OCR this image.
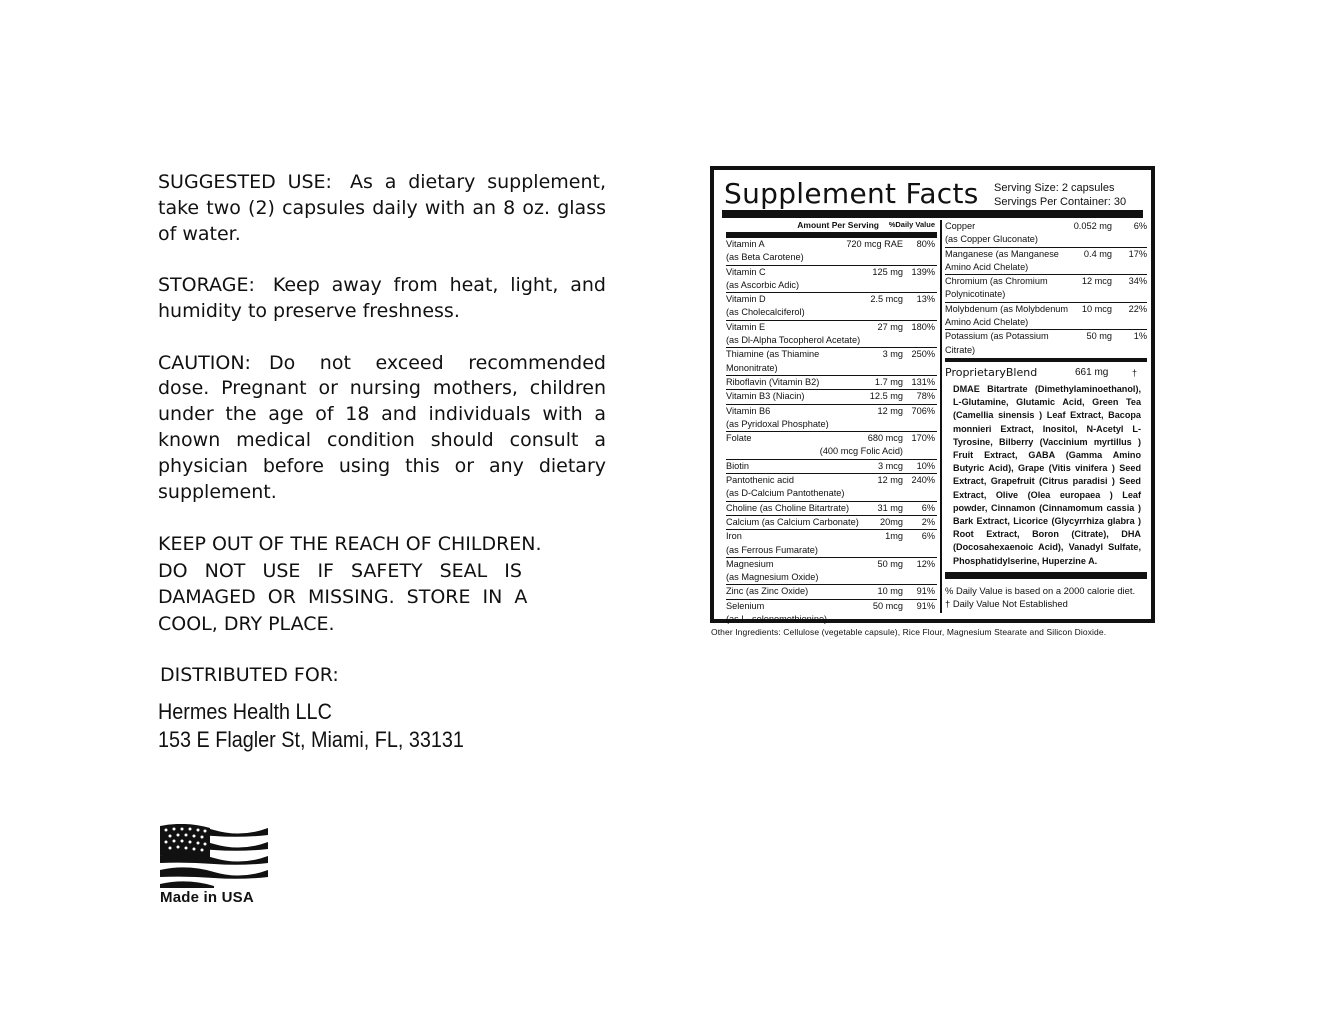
SUGGESTED USE: As a dietary supplement, take two (2) capsules daily with an 8 oz. glass of water.

STORAGE: Keep away from heat, light, and humidity to preserve freshness.

CAUTION: Do not exceed recommended dose. Pregnant or nursing mothers, children under the age of 18 and individuals with a known medical condition should consult a physician before using this or any dietary supplement.

KEEP OUT OF THE REACH OF CHILDREN.
DO NOT USE IF SAFETY SEAL IS
DAMAGED OR MISSING. STORE IN A
COOL, DRY PLACE.
DISTRIBUTED FOR:
Hermes Health LLC
153 E Flagler St, Miami, FL, 33131
Made in USA
Supplement Facts Serving Size: 2 capsules
Servings Per Container: 30
Amount Per Serving %Daily Value
Vitamin A	720 mcg RAE 80%
(as Beta Carotene)
Vitamin C	125 mg 139%
(as Ascorbic Adic)
Vitamin D	2.5 mcg 13%
(as Cholecalciferol)
Vitamin E	27 mg 180%
(as Dl-Alpha Tocopherol Acetate)
Thiamine (as Thiamine	3 mg 250%
Mononitrate)
Riboflavin (Vitamin B2)	1.7 mg 131%
Vitamin B3 (Niacin)	12.5 mg 78%
Vitamin B6	12 mg 706%
(as Pyridoxal Phosphate)
Folate	680 mcg 170%
(400 mcg Folic Acid)
Biotin	3 mcg 10%
Pantothenic acid	12 mg 240%
(as D-Calcium Pantothenate)
Choline (as Choline Bitartrate)	31 mg 6%
Calcium (as Calcium Carbonate)	20mg 2%
Iron	1mg 6%
(as Ferrous Fumarate)
Magnesium	50 mg 12%
(as Magnesium Oxide)
Zinc (as Zinc Oxide)	10 mg 91%
Selenium	50 mcg 91%
(as L- selenomethionine)
Copper	0.052 mg 6%
(as Copper Gluconate)
Manganese (as Manganese	0.4 mg 17%
Amino Acid Chelate)
Chromium (as Chromium	12 mcg 34%
Polynicotinate)
Molybdenum (as Molybdenum	10 mcg 22%
Amino Acid Chelate)
Potassium (as Potassium	50 mg 1%
Citrate)
ProprietaryBlend	661 mg	†
DMAE Bitartrate (Dimethylaminoethanol), L-Glutamine, Glutamic Acid, Green Tea (Camellia sinensis ) Leaf Extract, Bacopa monnieri Extract, Inositol, N-Acetyl L-Tyrosine, Bilberry (Vaccinium myrtillus ) Fruit Extract, GABA (Gamma Amino Butyric Acid), Grape (Vitis vinifera ) Seed Extract, Grapefruit (Citrus paradisi ) Seed Extract, Olive (Olea europaea ) Leaf powder, Cinnamon (Cinnamomum cassia ) Bark Extract, Licorice (Glycyrrhiza glabra ) Root Extract, Boron (Citrate), DHA (Docosahexaenoic Acid), Vanadyl Sulfate, Phosphatidylserine, Huperzine A.
% Daily Value is based on a 2000 calorie diet.
† Daily Value Not Established
Other Ingredients: Cellulose (vegetable capsule), Rice Flour, Magnesium Stearate and Silicon Dioxide.
